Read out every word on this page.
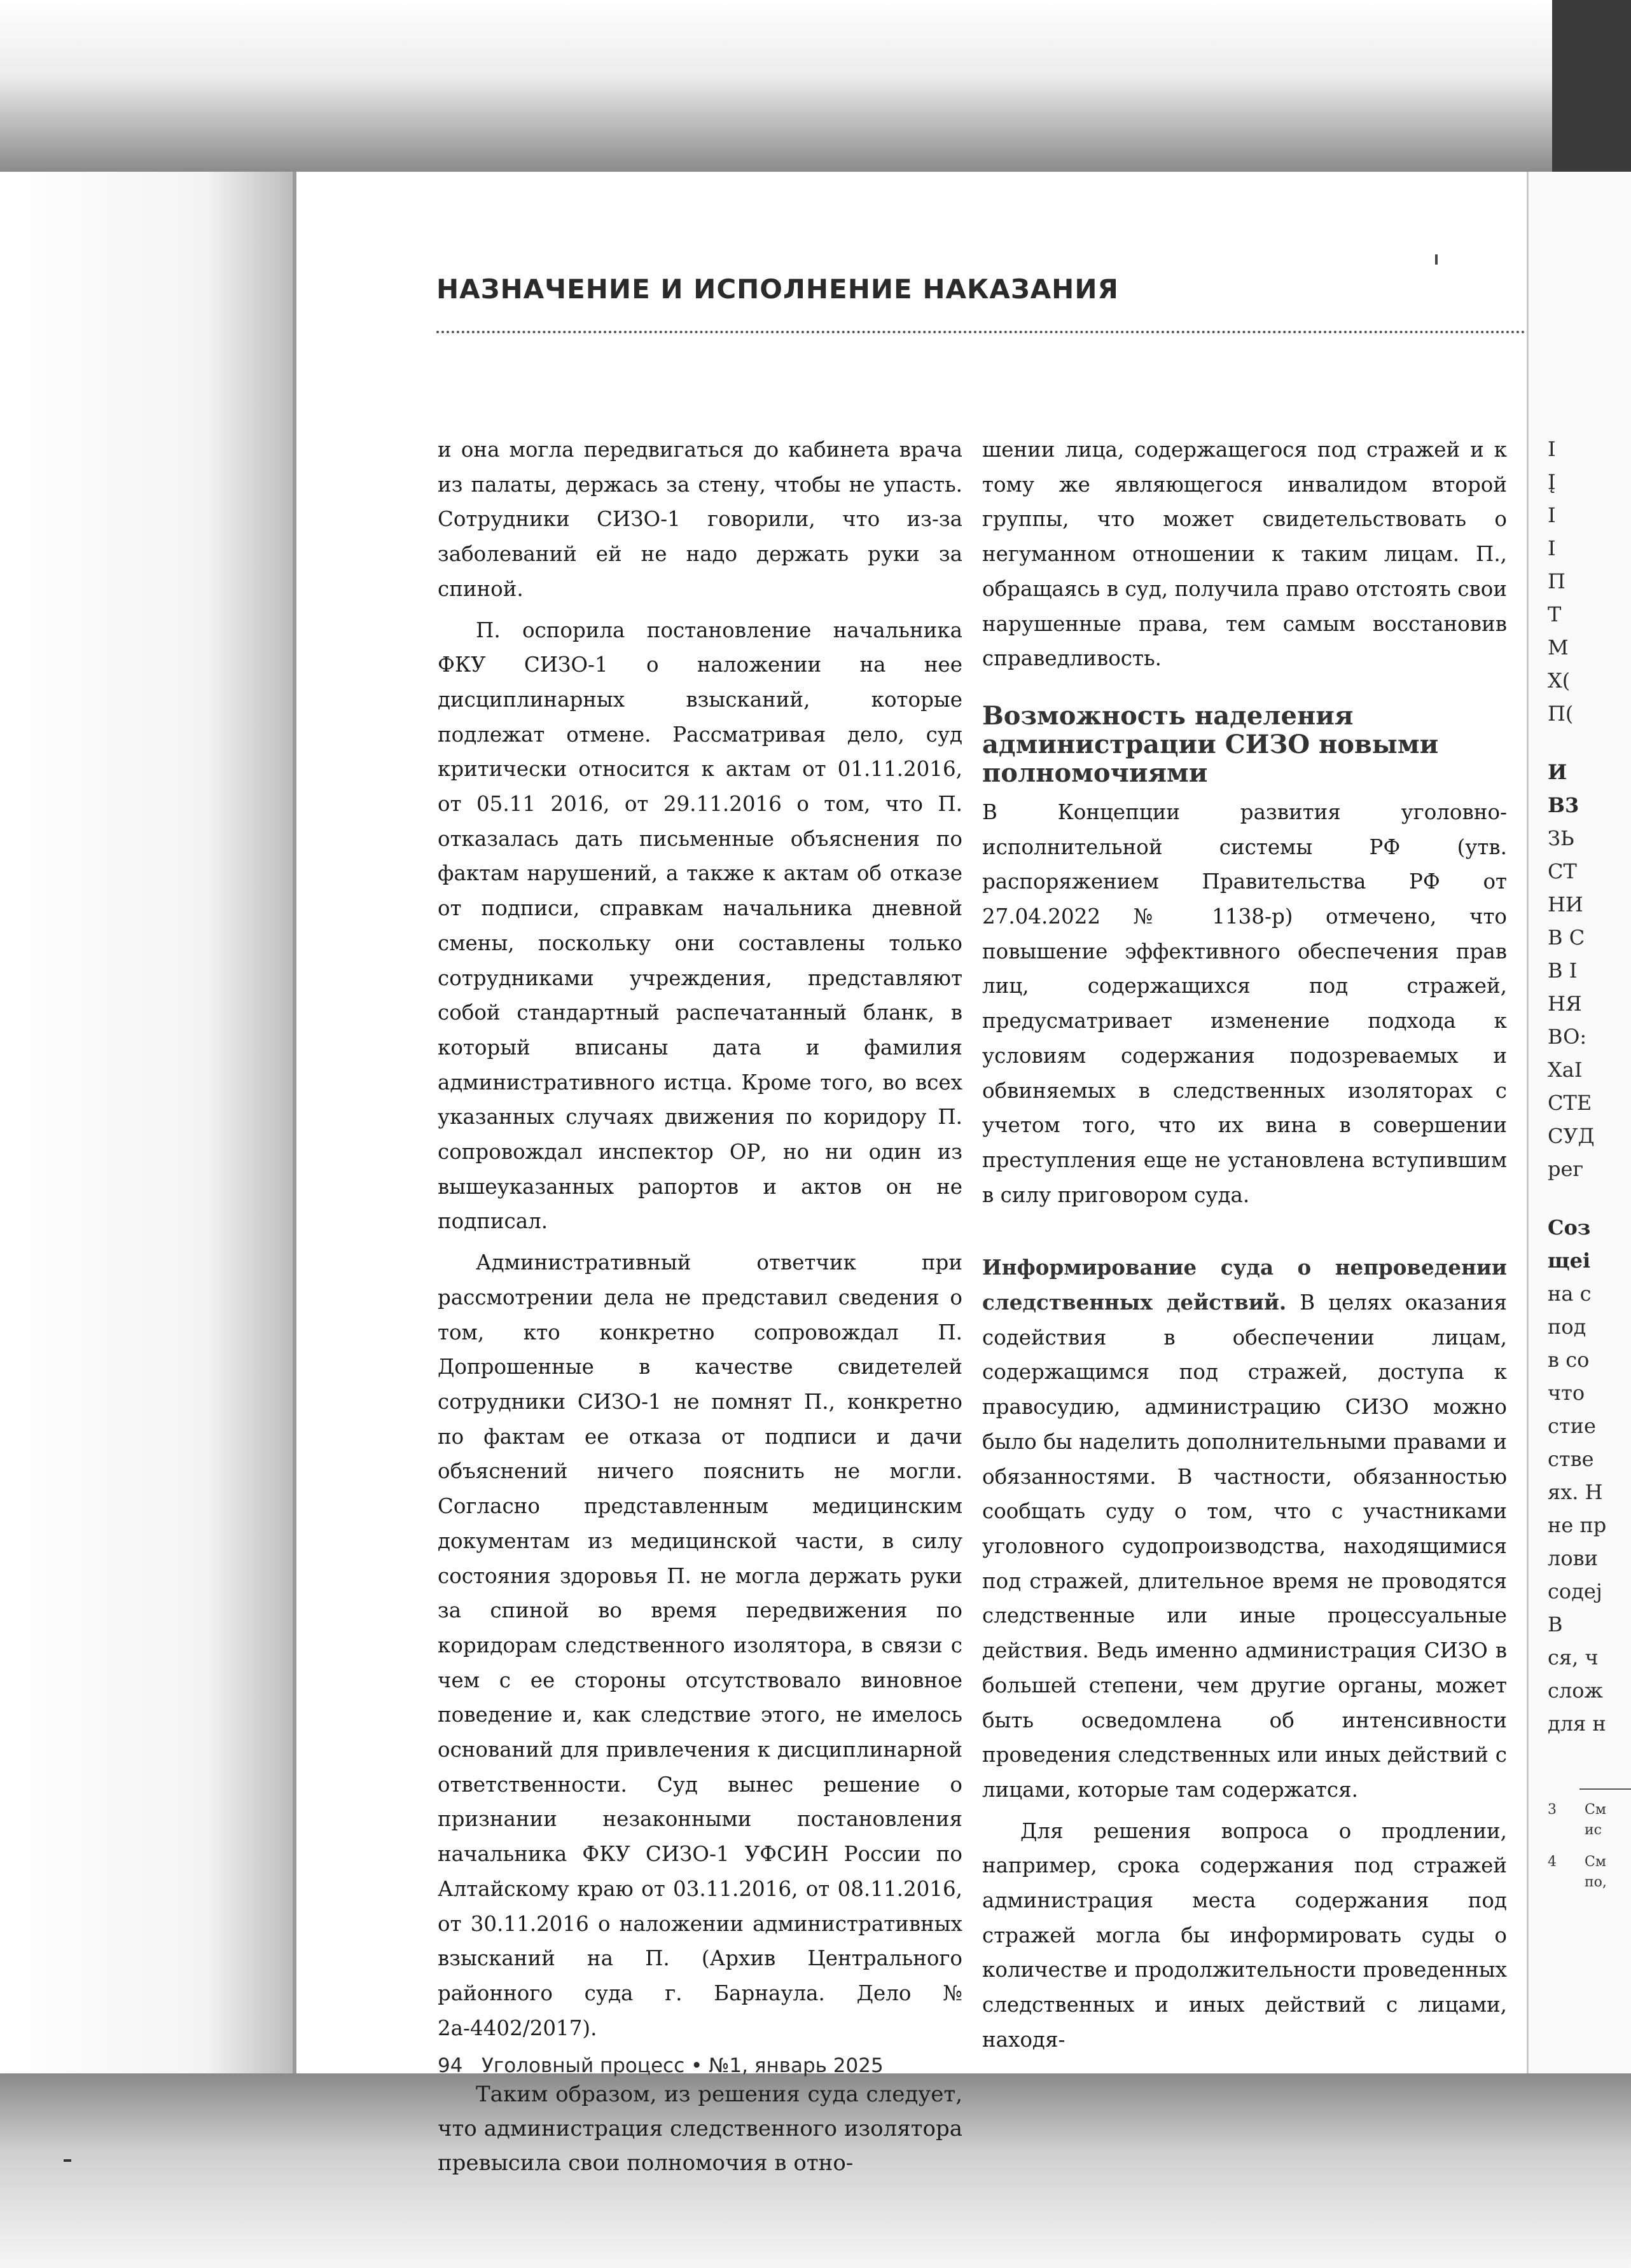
НАЗНАЧЕНИЕ И ИСПОЛНЕНИЕ НАКАЗАНИЯ

и она могла передвигаться до кабинета врача из палаты, держась за стену, чтобы не упасть. Сотрудники СИЗО-1 говорили, что из-за заболеваний ей не надо держать руки за спиной.

П. оспорила постановление начальника ФКУ СИЗО-1 о наложении на нее дисциплинарных взысканий, которые подлежат отмене. Рассматривая дело, суд критически относится к актам от 01.11.2016, от 05.11 2016, от 29.11.2016 о том, что П. отказалась дать письменные объяснения по фактам нарушений, а также к актам об отказе от подписи, справкам начальника дневной смены, поскольку они составлены только сотрудниками учреждения, представляют собой стандартный распечатанный бланк, в который вписаны дата и фамилия административного истца. Кроме того, во всех указанных случаях движения по коридору П. сопровождал инспектор ОР, но ни один из вышеуказанных рапортов и актов он не подписал.

Административный ответчик при рассмотрении дела не представил сведения о том, кто конкретно сопровождал П. Допрошенные в качестве свидетелей сотрудники СИЗО-1 не помнят П., конкретно по фактам ее отказа от подписи и дачи объяснений ничего пояснить не могли. Согласно представленным медицинским документам из медицинской части, в силу состояния здоровья П. не могла держать руки за спиной во время передвижения по коридорам следственного изолятора, в связи с чем с ее стороны отсутствовало виновное поведение и, как следствие этого, не имелось оснований для привлечения к дисциплинарной ответственности. Суд вынес решение о признании незаконными постановления начальника ФКУ СИЗО-1 УФСИН России по Алтайскому краю от 03.11.2016, от 08.11.2016, от 30.11.2016 о наложении административных взысканий на П. (Архив Центрального районного суда г. Барнаула. Дело № 2а-4402/2017).

Таким образом, из решения суда следует, что администрация следственного изолятора превысила свои полномочия в отно-

шении лица, содержащегося под стражей и к тому же являющегося инвалидом второй группы, что может свидетельствовать о негуманном отношении к таким лицам. П., обращаясь в суд, получила право отстоять свои нарушенные права, тем самым восстановив справедливость.

Возможность наделения администрации СИЗО новыми полномочиями

В Концепции развития уголовно-исполнительной системы РФ (утв. распоряжением Правительства РФ от 27.04.2022 № 1138-р) отмечено, что повышение эффективного обеспечения прав лиц, содержащихся под стражей, предусматривает изменение подхода к условиям содержания подозреваемых и обвиняемых в следственных изоляторах с учетом того, что их вина в совершении преступления еще не установлена вступившим в силу приговором суда.

Информирование суда о непроведении следственных действий. В целях оказания содействия в обеспечении лицам, содержащимся под стражей, доступа к правосудию, администрацию СИЗО можно было бы наделить дополнительными правами и обязанностями. В частности, обязанностью сообщать суду о том, что с участниками уголовного судопроизводства, находящимися под стражей, длительное время не проводятся следственные или иные процессуальные действия. Ведь именно администрация СИЗО в большей степени, чем другие органы, может быть осведомлена об интенсивности проведения следственных или иных действий с лицами, которые там содержатся.

Для решения вопроса о продлении, например, срока содержания под стражей администрация места содержания под стражей могла бы информировать суды о количестве и продолжительности проведенных следственных и иных действий с лицами, находя-

94 Уголовный процесс • №1, январь 2025
I
Į
I
I
Π
Т
M
X(
П(
И
В3
ЗЬ
СТ
НИ
В С
В І
НЯ
BO:
ХаІ
СТЕ
СУД
рег
Coз
щеі
на с
под
в со
что
стие
стве
ях. Н
не пр
лови
содеј
В
ся, ч
слож
для н
3 См
ис
4 См
по,
